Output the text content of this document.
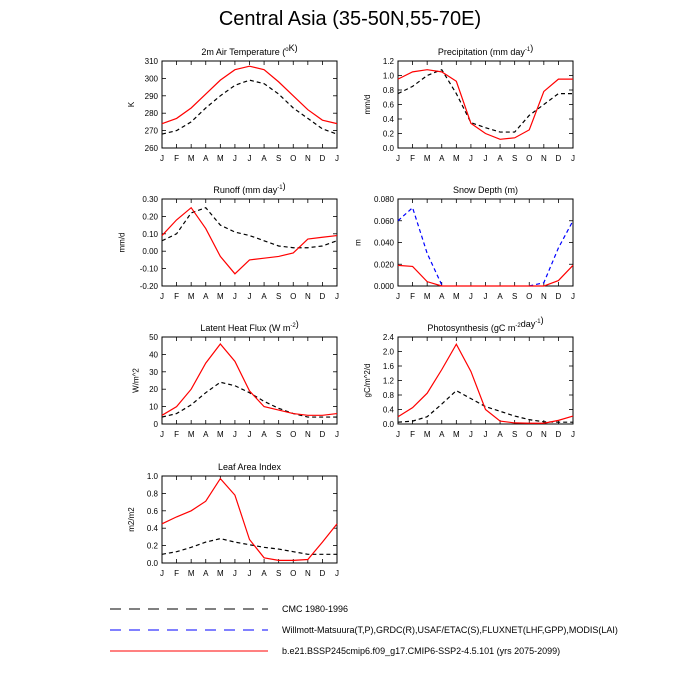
Central Asia (35-50N,55-70E)
2m Air Temperature ($^o$K)
J F M A M J J A S O N D J
260
270
280
290
300
310
K
Precipitation (mm day$^{-1}$)
J F M A M J J A S O N D J
0.0
0.2
0.4
0.6
0.8
1.0
1.2
mm/d
Runoff (mm day$^{-1}$)
J F M A M J J A S O N D J
-0.20
-0.10
0.00
0.10
0.20
0.30
mm/d
Snow Depth (m)
J F M A M J J A S O N D J
0.000
0.020
0.040
0.060
0.080
m
Latent Heat Flux (W $m^{-2}$)
J F M A M J J A S O N D J
0
10
20
30
40
50
W/m^2
Photosynthesis (gC $m^{-2}day^{-1}$)
J F M A M J J A S O N D J
0.0
0.4
0.8
1.2
1.6
2.0
2.4
gC/m^2/d
Leaf Area Index
J F M A M J J A S O N D J
0.0
0.2
0.4
0.6
0.8
1.0
m2/m2
CMC 1980-1996
Willmott-Matsuura(T,P),GRDC(R),USAF/ETAC(S),FLUXNET(LHF,GPP),MODIS(LAI)
b.e21.BSSP245cmip6.f09_g17.CMIP6-SSP2-4.5.101 (yrs 2075-2099)
